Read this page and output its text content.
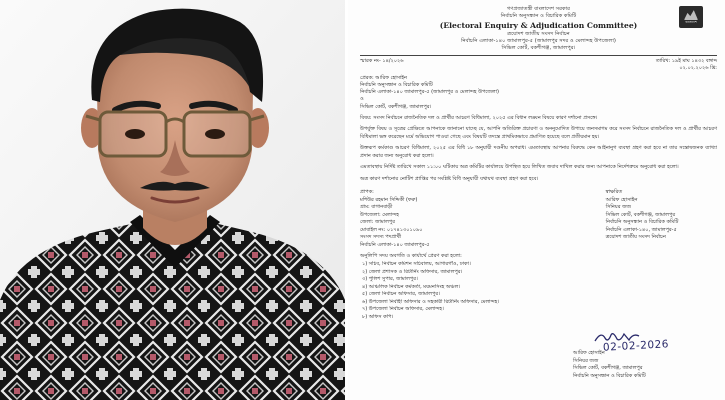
বাংলাদেশ
গণপ্রজাতন্ত্রী বাংলাদেশ সরকার
নির্বাচনি অনুসন্ধান ও বিচারিক কমিটি
(Electoral Enquiry & Adjudication Committee)
ত্রয়োদশ জাতীয় সংসদ নির্বাচন
নির্বাচনি এলাকা-১৪০ জামালপুর-৫ (জামালপুর সদর ও মেলান্দহ উপজেলা)
সিভিল কোর্ট, বকশীগঞ্জ, জামালপুর।
স্মারক নং- ১৪/২০২৬	তারিখ: ১৯ই মাঘ ১৪৩২ বঙ্গাব্দ
০২.০২.২০২৬ খ্রি:
প্রেরক: আরিফ হোসাইন
নির্বাচনি অনুসন্ধান ও বিচারিক কমিটি
নির্বাচনি এলাকা-১৪০ জামালপুর-৫ (জামালপুর ও মেলান্দহ উপজেলা)
ও
সিভিল কোর্ট, বকশীগঞ্জ, জামালপুর।
বিষয়: সংসদ নির্বাচনে রাজনৈতিক দল ও প্রার্থীর আচরণ বিধিমালা, ২০২৫ এর বিধান লঙ্ঘন বিষয়ে কারণ দর্শানো প্রসঙ্গে।
উপর্যুক্ত বিষয় ও সূত্রের প্রেক্ষিতে আপনাকে জানানো যাচ্ছে যে, আপনি অতিরিক্ত প্রচারণা ও অননুমোদিত উপায়ে জনসমাগম করে সংসদ নির্বাচনে রাজনৈতিক দল ও প্রার্থীর আচরণ বিধিমালা ভঙ্গ করেছেন মর্মে অভিযোগ পাওয়া গেছে এবং বিষয়টি তদন্তে প্রাথমিকভাবে প্রমাণিত হয়েছে বলে প্রতীয়মান হয়।
উক্তরূপ কর্মকাণ্ড আচরণ বিধিমালা, ২০২৫ এর বিধি ১৮ অনুযায়ী দণ্ডনীয় অপরাধ। এমতাবস্থায় আপনার বিরুদ্ধে কেন আইনানুগ ব্যবস্থা গ্রহণ করা হবে না তার সন্তোষজনক ব্যাখ্যা প্রদান করার জন্য অনুরোধ করা হলো।
এমতাবস্থায় নির্দিষ্ট তারিখে সকাল ১১:০০ ঘটিকায় অত্র কমিটির কার্যালয়ে উপস্থিত হয়ে লিখিত জবাব দাখিল করার জন্য আপনাকে নির্দেশক্রমে অনুরোধ করা হলো।
অত্র কারণ দর্শানোর নোটিশ প্রাপ্তির পর সংশ্লিষ্ট বিধি অনুযায়ী যথাযথ ব্যবস্থা গ্রহণ করা হবে।
প্রাপক:
মশিউর রহমান সিদ্দিকী (ফরু)
গ্রাম: বাগানবাড়ী
উপজেলা: মেলান্দহ
জেলা: জামালপুর
মোবাইল নং: ০১৭৪১৩০১০৯০
সংসদ সদস্য পদপ্রার্থী
নির্বাচনি এলাকা-১৪০ জামালপুর-৫
স্বাক্ষরিত
আরিফ হোসাইন
সিনিয়র জজ
সিভিল কোর্ট, বকশীগঞ্জ, জামালপুর
নির্বাচনি অনুসন্ধান ও বিচারিক কমিটি
নির্বাচনি এলাকা-১৪০, জামালপুর-৫
ত্রয়োদশ জাতীয় সংসদ নির্বাচন
অনুলিপি সদয় অবগতি ও কার্যার্থে প্রেরণ করা হলো:
১) সচিব, নির্বাচন কমিশন সচিবালয়, আগারগাঁও, ঢাকা।
২) জেলা প্রশাসক ও রিটার্নিং অফিসার, জামালপুর।
৩) পুলিশ সুপার, জামালপুর।
৪) আঞ্চলিক নির্বাচন কর্মকর্তা, ময়মনসিংহ অঞ্চল।
৫) জেলা নির্বাচন অফিসার, জামালপুর।
৬) উপজেলা নির্বাহী অফিসার ও সহকারী রিটার্নিং অফিসার, মেলান্দহ।
৭) উপজেলা নির্বাচন অফিসার, মেলান্দহ।
৮) অফিস কপি।
02-02-2026
আরিফ হোসাইন
সিনিয়র জজ
সিভিল কোর্ট, বকশীগঞ্জ, জামালপুর
নির্বাচনি অনুসন্ধান ও বিচারিক কমিটি
